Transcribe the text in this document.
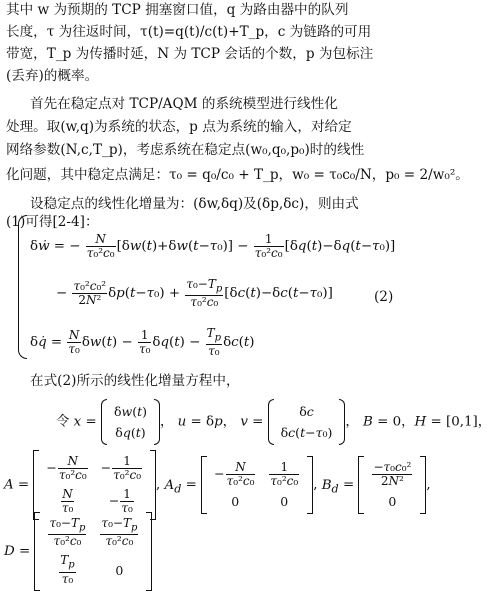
其中 w 为预期的 TCP 拥塞窗口值，q 为路由器中的队列
长度，τ 为往返时间，τ(t)=q(t)/c(t)+T_p，c 为链路的可用
带宽，T_p 为传播时延，N 为 TCP 会话的个数，p 为包标注
(丢弃)的概率。
首先在稳定点对 TCP/AQM 的系统模型进行线性化
处理。取(w,q)为系统的状态，p 点为系统的输入，对给定
网络参数(N,c,T_p)，考虑系统在稳定点(w₀,q₀,p₀)时的线性
化问题，其中稳定点满足：τ₀ = q₀/c₀ + T_p，w₀ = τ₀c₀/N，p₀ = 2/w₀²。
设稳定点的线性化增量为：(δw,δq)及(δp,δc)，则由式
(1)可得[2-4]：
δẇ = − $\frac{N}{\text{τ₀²c₀}} [\delta w(t)+\delta w(t-\tau_0)] - \frac{1}{\text{τ₀²c₀}} [\delta q(t)-\delta q(t-\tau_0)]$
− $\frac{\text{τ₀²c₀²}}{\text{2N²}} \delta p(t-\tau_0) + \frac{\tau_0-T_p}{\text{τ₀²c₀}} [\delta c(t)-\delta c(t-\tau_0)]$	(2)
δq̇ = $\frac{N}{\text{τ₀}} \delta w(t) - \frac{1}{\text{τ₀}} \delta q(t) - \frac{T_p}{\text{τ₀}} \delta c(t)$
在式(2)所示的线性化增量方程中，
令 x =
δw(t)
δq(t)
， u = δp， v =
δc
δc(t−τ₀)
， B = 0，H = [0,1]，
A =
− $\frac{N}{\text{τ₀²c₀}}$	− $\frac{1}{\text{τ₀²c₀}}$

$\frac{N}{\text{τ₀}}$	− $\frac{1}{\text{τ₀}}$
, $A_d$ =
− $\frac{N}{\text{τ₀²c₀}}$	$\frac{1}{\text{τ₀²c₀}}$

0	0
, $B_d = \frac{\text{−τ₀c₀²}}{\text{2N²}}$

0
,
D =
$\frac{\tau_0-T_p}{\text{τ₀²c₀}}$	$\frac{\tau_0-T_p}{\text{τ₀²c₀}}$

$\frac{T_p}{\text{τ₀}}$	0
